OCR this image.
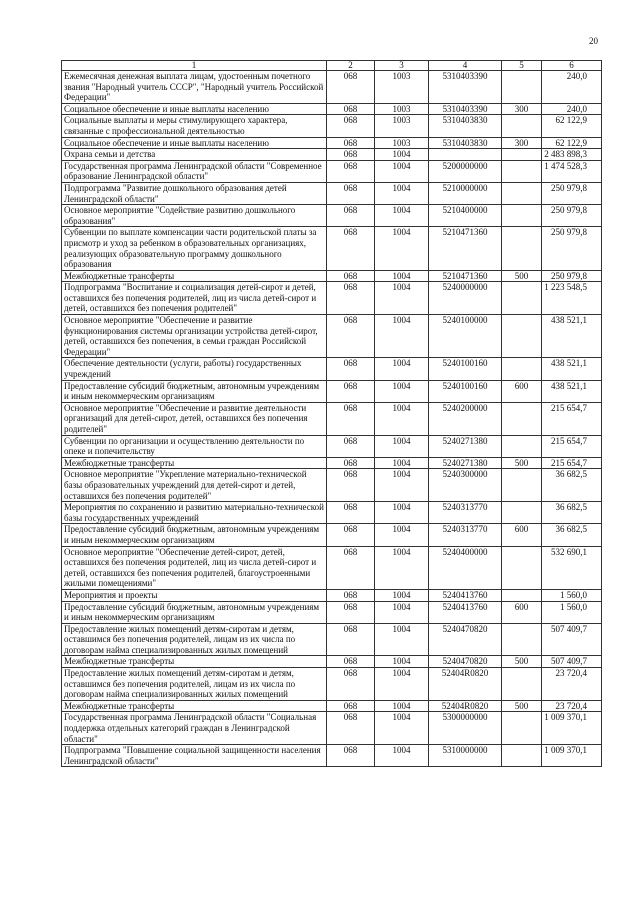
20
1	2	3	4	5	6
Ежемесячная денежная выплата лицам, удостоенным почетного звания "Народный учитель СССР", "Народный учитель Российской Федерации"	068	1003	5310403390		240,0
Социальное обеспечение и иные выплаты населению	068	1003	5310403390	300	240,0
Социальные выплаты и меры стимулирующего характера, связанные с профессиональной деятельностью	068	1003	5310403830		62 122,9
Социальное обеспечение и иные выплаты населению	068	1003	5310403830	300	62 122,9
Охрана семьи и детства	068	1004			2 483 898,3
Государственная программа Ленинградской области "Современное образование Ленинградской области"	068	1004	5200000000		1 474 528,3
Подпрограмма "Развитие дошкольного образования детей Ленинградской области"	068	1004	5210000000		250 979,8
Основное мероприятие "Содействие развитию дошкольного образования"	068	1004	5210400000		250 979,8
Субвенции по выплате компенсации части родительской платы за присмотр и уход за ребенком в образовательных организациях, реализующих образовательную программу дошкольного образования	068	1004	5210471360		250 979,8
Межбюджетные трансферты	068	1004	5210471360	500	250 979,8
Подпрограмма "Воспитание и социализация детей-сирот и детей, оставшихся без попечения родителей, лиц из числа детей-сирот и детей, оставшихся без попечения родителей"	068	1004	5240000000		1 223 548,5
Основное мероприятие "Обеспечение и развитие функционирования системы организации устройства детей-сирот, детей, оставшихся без попечения, в семьи граждан Российской Федерации"	068	1004	5240100000		438 521,1
Обеспечение деятельности (услуги, работы) государственных учреждений	068	1004	5240100160		438 521,1
Предоставление субсидий бюджетным, автономным учреждениям и иным некоммерческим организациям	068	1004	5240100160	600	438 521,1
Основное мероприятие "Обеспечение и развитие деятельности организаций для детей-сирот, детей, оставшихся без попечения родителей"	068	1004	5240200000		215 654,7
Субвенции по организации и осуществлению деятельности по опеке и попечительству	068	1004	5240271380		215 654,7
Межбюджетные трансферты	068	1004	5240271380	500	215 654,7
Основное мероприятие "Укрепление материально-технической базы образовательных учреждений для детей-сирот и детей, оставшихся без попечения родителей"	068	1004	5240300000		36 682,5
Мероприятия по сохранению и развитию материально-технической базы государственных учреждений	068	1004	5240313770		36 682,5
Предоставление субсидий бюджетным, автономным учреждениям и иным некоммерческим организациям	068	1004	5240313770	600	36 682,5
Основное мероприятие "Обеспечение детей-сирот, детей, оставшихся без попечения родителей, лиц из числа детей-сирот и детей, оставшихся без попечения родителей, благоустроенными жилыми помещениями"	068	1004	5240400000		532 690,1
Мероприятия и проекты	068	1004	5240413760		1 560,0
Предоставление субсидий бюджетным, автономным учреждениям и иным некоммерческим организациям	068	1004	5240413760	600	1 560,0
Предоставление жилых помещений детям-сиротам и детям, оставшимся без попечения родителей, лицам из их числа по договорам найма специализированных жилых помещений	068	1004	5240470820		507 409,7
Межбюджетные трансферты	068	1004	5240470820	500	507 409,7
Предоставление жилых помещений детям-сиротам и детям, оставшимся без попечения родителей, лицам из их числа по договорам найма специализированных жилых помещений	068	1004	52404R0820		23 720,4
Межбюджетные трансферты	068	1004	52404R0820	500	23 720,4
Государственная программа Ленинградской области "Социальная поддержка отдельных категорий граждан в Ленинградской области"	068	1004	5300000000		1 009 370,1
Подпрограмма "Повышение социальной защищенности населения Ленинградской области"	068	1004	5310000000		1 009 370,1
